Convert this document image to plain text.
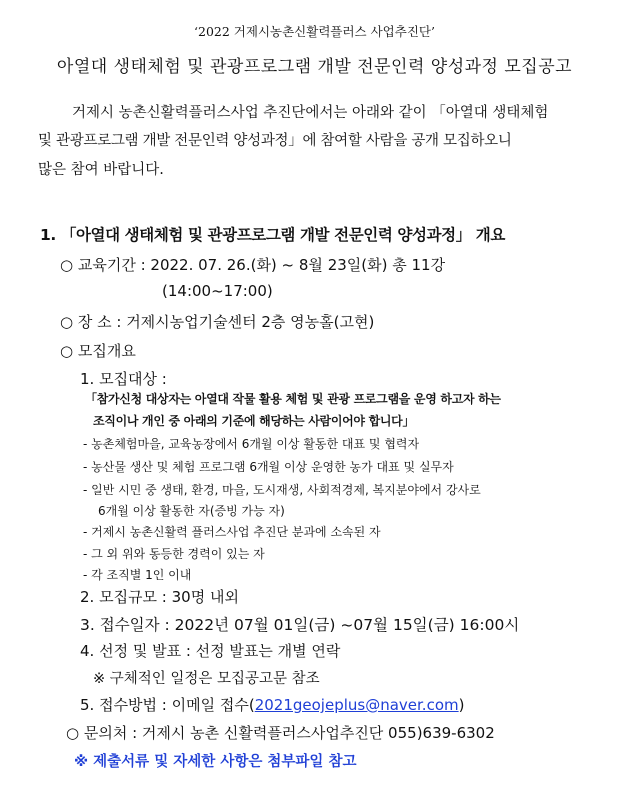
‘2022 거제시농촌신활력플러스 사업추진단’
아열대 생태체험 및 관광프로그램 개발 전문인력 양성과정 모집공고
거제시 농촌신활력플러스사업 추진단에서는 아래와 같이 「아열대 생태체험
및 관광프로그램 개발 전문인력 양성과정」에 참여할 사람을 공개 모집하오니
많은 참여 바랍니다.
1. 「아열대 생태체험 및 관광프로그램 개발 전문인력 양성과정」 개요
○ 교육기간 : 2022. 07. 26.(화) ~ 8월 23일(화) 총 11강
(14:00~17:00)
○ 장 소 : 거제시농업기술센터 2층 영농홀(고현)
○ 모집개요
1. 모집대상 :
「참가신청 대상자는 아열대 작물 활용 체험 및 관광 프로그램을 운영 하고자 하는
조직이나 개인 중 아래의 기준에 해당하는 사람이어야 합니다」
- 농촌체험마을, 교육농장에서 6개월 이상 활동한 대표 및 협력자
- 농산물 생산 및 체험 프로그램 6개월 이상 운영한 농가 대표 및 실무자
- 일반 시민 중 생태, 환경, 마을, 도시재생, 사회적경제, 복지분야에서 강사로
6개월 이상 활동한 자(증빙 가능 자)
- 거제시 농촌신활력 플러스사업 추진단 분과에 소속된 자
- 그 외 위와 동등한 경력이 있는 자
- 각 조직별 1인 이내
2. 모집규모 : 30명 내외
3. 접수일자 : 2022년 07월 01일(금) ~07월 15일(금) 16:00시
4. 선정 및 발표 : 선정 발표는 개별 연락
※ 구체적인 일정은 모집공고문 참조
5. 접수방법 : 이메일 접수(2021geojeplus@naver.com)
○ 문의처 : 거제시 농촌 신활력플러스사업추진단 055)639-6302
※ 제출서류 및 자세한 사항은 첨부파일 참고
